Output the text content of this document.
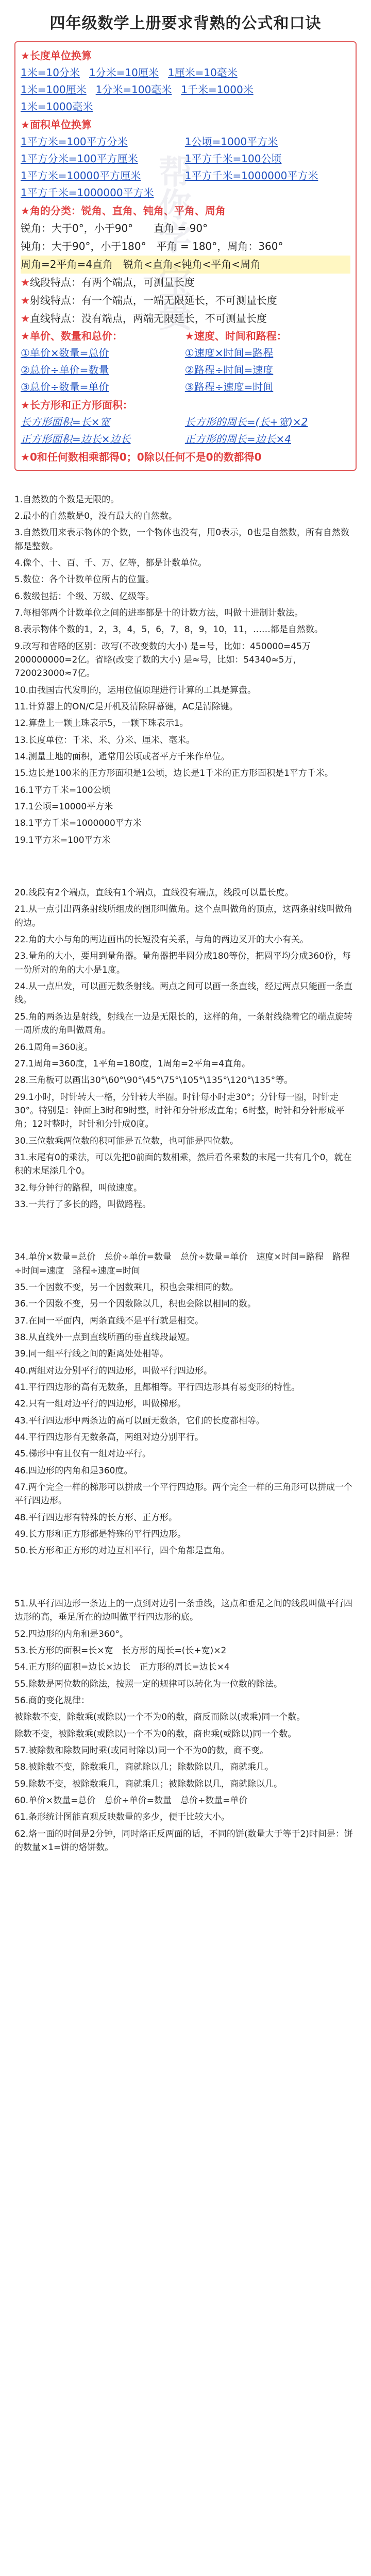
四年级数学上册要求背熟的公式和口诀
★长度单位换算
1米=10分米 1分米=10厘米 1厘米=10毫米
1米=100厘米 1分米=100毫米 1千米=1000米
1米=1000毫米
★面积单位换算
1平方米=100平方分米	1公顷=1000平方米
1平方分米=100平方厘米	1平方千米=100公顷
1平方米=10000平方厘米	1平方千米=1000000平方米
1平方千米=1000000平方米
★角的分类：锐角、直角、钝角、平角、周角
锐角：大于0°，小于90°　　直角 = 90°
钝角：大于90°，小于180°　平角 = 180°，周角：360°
周角=2平角=4直角　锐角<直角<钝角<平角<周角
★线段特点：有两个端点，可测量长度
★射线特点：有一个端点，一端无限延长，不可测量长度
★直线特点：没有端点，两端无限延长，不可测量长度
★单价、数量和总价：	★速度、时间和路程：
①单价×数量=总价	①速度×时间=路程
②总价÷单价=数量	②路程÷时间=速度
③总价÷数量=单价	③路程÷速度=时间
★长方形和正方形面积：
长方形面积=长×宽	长方形的周长=(长+宽)×2
正方形面积=边长×边长	正方形的周长=边长×4
★0和任何数相乘都得0；0除以任何不是0的数都得0
1.自然数的个数是无限的。
2.最小的自然数是0，没有最大的自然数。
3.自然数用来表示物体的个数，一个物体也没有，用0表示，0也是自然数，所有自然数都是整数。
4.像个、十、百、千、万、亿等，都是计数单位。
5.数位：各个计数单位所占的位置。
6.数级包括：个级、万级、亿级等。
7.每相邻两个计数单位之间的进率都是十的计数方法，叫做十进制计数法。
8.表示物体个数的1，2，3，4，5，6，7，8，9，10，11，……都是自然数。
9.改写和省略的区别：改写(不改变数的大小) 是=号，比如：450000=45万 200000000=2亿。省略(改变了数的大小) 是≈号，比如：54340≈5万，720023000≈7亿。
10.由我国古代发明的，运用位值原理进行计算的工具是算盘。
11.计算器上的ON/C是开机及清除屏幕键，AC是清除键。
12.算盘上一颗上珠表示5，一颗下珠表示1。
13.长度单位：千米、米、分米、厘米、毫米。
14.测量土地的面积，通常用公顷或者平方千米作单位。
15.边长是100米的正方形面积是1公顷，边长是1千米的正方形面积是1平方千米。
16.1平方千米=100公顷
17.1公顷=10000平方米
18.1平方千米=1000000平方米
19.1平方米=100平方米
20.线段有2个端点，直线有1个端点，直线没有端点，线段可以量长度。
21.从一点引出两条射线所组成的图形叫做角。这个点叫做角的顶点，这两条射线叫做角的边。
22.角的大小与角的两边画出的长短没有关系，与角的两边叉开的大小有关。
23.量角的大小，要用到量角器。量角器把半圆分成180等份，把圆平均分成360份，每一份所对的角的大小是1度。
24.从一点出发，可以画无数条射线。两点之间可以画一条直线，经过两点只能画一条直线。
25.角的两条边是射线，射线在一边是无限长的，这样的角，一条射线绕着它的端点旋转一周所成的角叫做周角。
26.1周角=360度。
27.1周角=360度，1平角=180度，1周角=2平角=4直角。
28.三角板可以画出30°\60°\90°\45°\75°\105°\135°\120°\135°等。
29.1小时，时针转大一格，分针转大半圈。时针每小时走30°；分针每一圈，时针走30°。特别是：钟面上3时和9时整，时针和分针形成直角；6时整，时针和分针形成平角；12时整时，时针和分针成0度。
30.三位数乘两位数的积可能是五位数，也可能是四位数。
31.末尾有0的乘法，可以先把0前面的数相乘，然后看各乘数的末尾一共有几个0，就在积的末尾添几个0。
32.每分钟行的路程，叫做速度。
33.一共行了多长的路，叫做路程。
34.单价×数量=总价　总价÷单价=数量　总价÷数量=单价　速度×时间=路程　路程÷时间=速度　路程÷速度=时间
35.一个因数不变，另一个因数乘几，积也会乘相同的数。
36.一个因数不变，另一个因数除以几，积也会除以相同的数。
37.在同一平面内，两条直线不是平行就是相交。
38.从直线外一点到直线所画的垂直线段最短。
39.同一组平行线之间的距离处处相等。
40.两组对边分别平行的四边形，叫做平行四边形。
41.平行四边形的高有无数条，且都相等。平行四边形具有易变形的特性。
42.只有一组对边平行的四边形，叫做梯形。
43.平行四边形中两条边的高可以画无数条，它们的长度都相等。
44.平行四边形有无数条高，两组对边分别平行。
45.梯形中有且仅有一组对边平行。
46.四边形的内角和是360度。
47.两个完全一样的梯形可以拼成一个平行四边形。两个完全一样的三角形可以拼成一个平行四边形。
48.平行四边形有特殊的长方形、正方形。
49.长方形和正方形都是特殊的平行四边形。
50.长方形和正方形的对边互相平行，四个角都是直角。
51.从平行四边形一条边上的一点到对边引一条垂线，这点和垂足之间的线段叫做平行四边形的高，垂足所在的边叫做平行四边形的底。
52.四边形的内角和是360°。
53.长方形的面积=长×宽　长方形的周长=(长+宽)×2
54.正方形的面积=边长×边长　正方形的周长=边长×4
55.除数是两位数的除法，按照一定的规律可以转化为一位数的除法。
56.商的变化规律：
被除数不变，除数乘(或除以)一个不为0的数，商反而除以(或乘)同一个数。
除数不变，被除数乘(或除以)一个不为0的数，商也乘(或除以)同一个数。
57.被除数和除数同时乘(或同时除以)同一个不为0的数，商不变。
58.被除数不变，除数乘几，商就除以几；除数除以几，商就乘几。
59.除数不变，被除数乘几，商就乘几；被除数除以几，商就除以几。
60.单价×数量=总价　总价÷单价=数量　总价÷数量=单价
61.条形统计图能直观反映数量的多少，便于比较大小。
62.烙一面的时间是2分钟，同时烙正反两面的话，不同的饼(数量大于等于2)时间是：饼的数量×1=饼的烙饼数。
帮你学 宝贵
